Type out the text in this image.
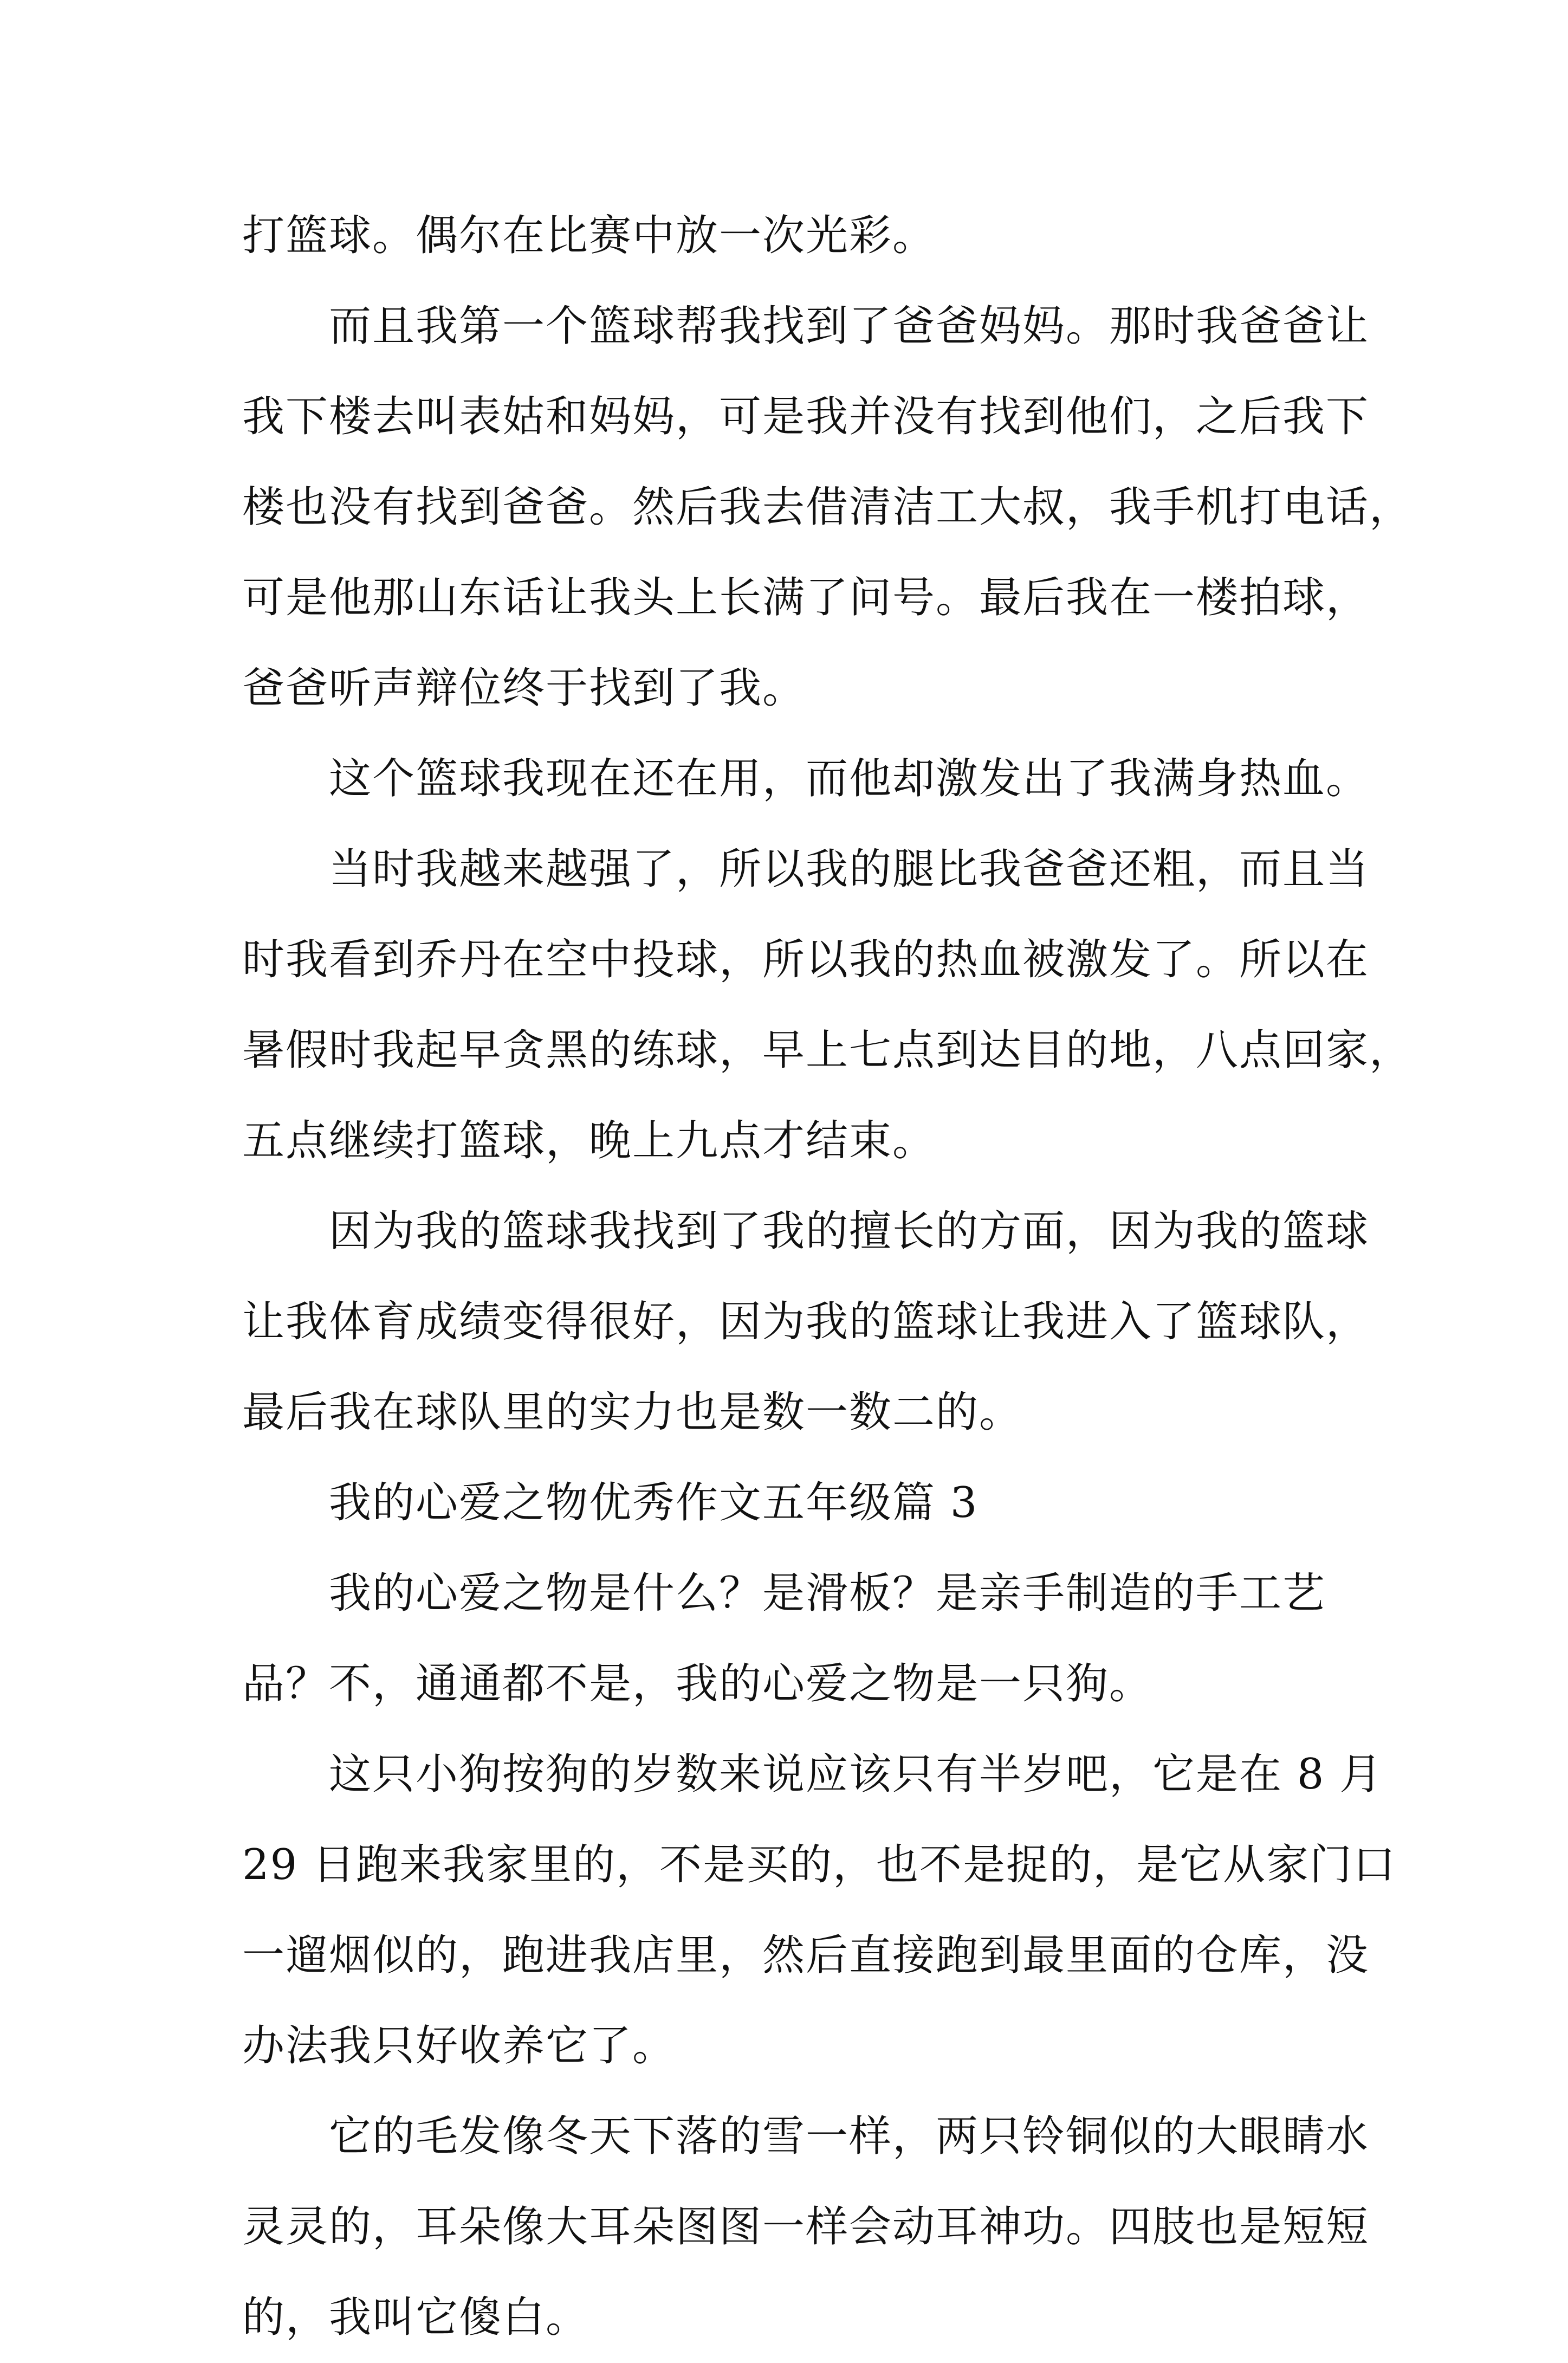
打篮球。偶尔在比赛中放一次光彩。
而且我第一个篮球帮我找到了爸爸妈妈。那时我爸爸让
我下楼去叫表姑和妈妈，可是我并没有找到他们，之后我下
楼也没有找到爸爸。然后我去借清洁工大叔，我手机打电话，
可是他那山东话让我头上长满了问号。最后我在一楼拍球，
爸爸听声辩位终于找到了我。
这个篮球我现在还在用，而他却激发出了我满身热血。
当时我越来越强了，所以我的腿比我爸爸还粗，而且当
时我看到乔丹在空中投球，所以我的热血被激发了。所以在
暑假时我起早贪黑的练球，早上七点到达目的地，八点回家，
五点继续打篮球，晚上九点才结束。
因为我的篮球我找到了我的擅长的方面，因为我的篮球
让我体育成绩变得很好，因为我的篮球让我进入了篮球队，
最后我在球队里的实力也是数一数二的。
我的心爱之物优秀作文五年级篇 3
我的心爱之物是什么？是滑板？是亲手制造的手工艺
品？不，通通都不是，我的心爱之物是一只狗。
这只小狗按狗的岁数来说应该只有半岁吧，它是在 8 月
29 日跑来我家里的，不是买的，也不是捉的，是它从家门口
一遛烟似的，跑进我店里，然后直接跑到最里面的仓库，没
办法我只好收养它了。
它的毛发像冬天下落的雪一样，两只铃铜似的大眼睛水
灵灵的，耳朵像大耳朵图图一样会动耳神功。四肢也是短短
的，我叫它傻白。
